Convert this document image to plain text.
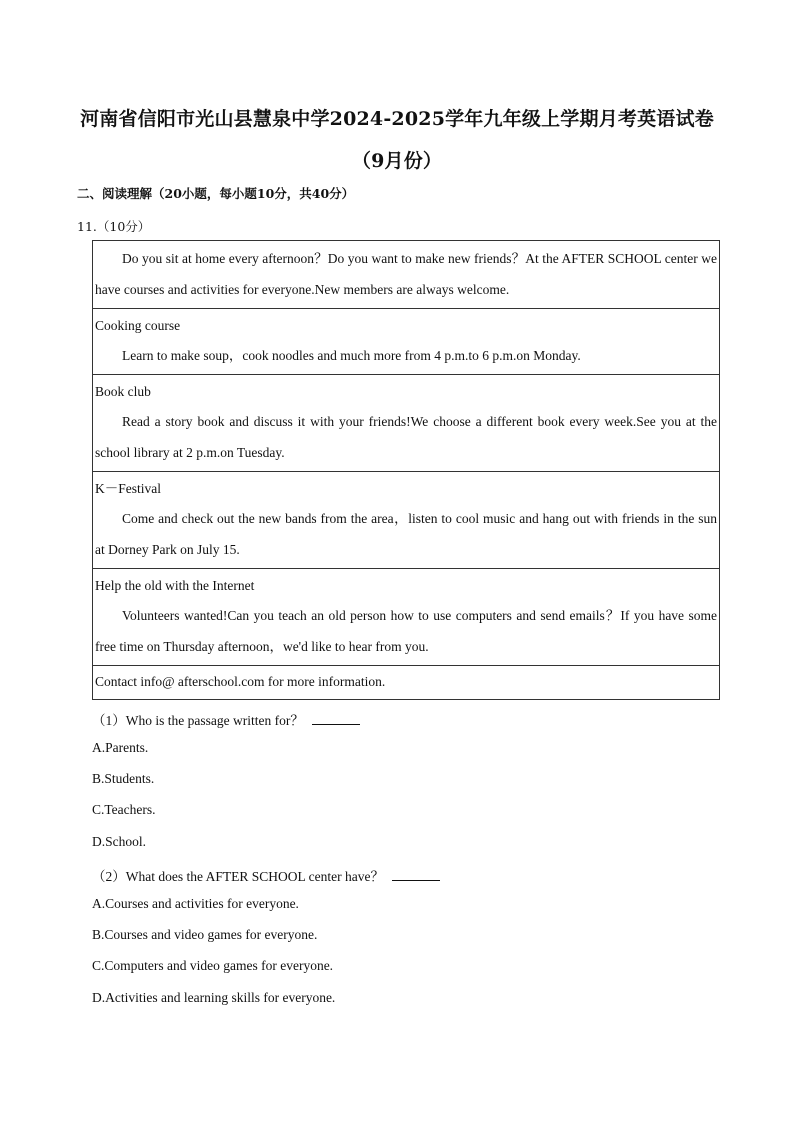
河南省信阳市光山县慧泉中学2024-2025学年九年级上学期月考英语试卷
（9月份）
二、阅读理解（20小题，每小题10分，共40分）
11.（10分）

Do you sit at home every afternoon？Do you want to make new friends？At the AFTER SCHOOL center we have courses and activities for everyone.New members are always welcome.

Cooking course

Learn to make soup，cook noodles and much more from 4 p.m.to 6 p.m.on Monday.

Book club

Read a story book and discuss it with your friends!We choose a different book every week.See you at the school library at 2 p.m.on Tuesday.

K－Festival

Come and check out the new bands from the area，listen to cool music and hang out with friends in the sun at Dorney Park on July 15.

Help the old with the Internet

Volunteers wanted!Can you teach an old person how to use computers and send emails？If you have some free time on Thursday afternoon，we'd like to hear from you.

Contact info@ afterschool.com for more information.
（1）Who is the passage written for？
A.Parents.
B.Students.
C.Teachers.
D.School.
（2）What does the AFTER SCHOOL center have？
A.Courses and activities for everyone.
B.Courses and video games for everyone.
C.Computers and video games for everyone.
D.Activities and learning skills for everyone.
